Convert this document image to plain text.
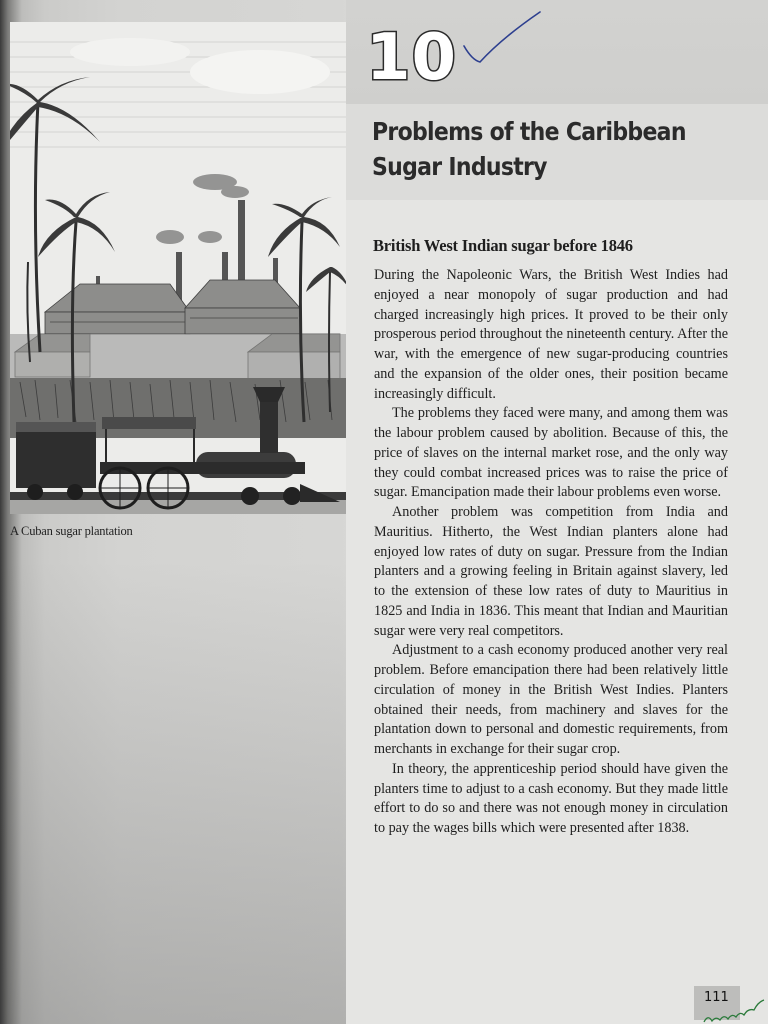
A Cuban sugar plantation
10
Problems of the Caribbean Sugar Industry
British West Indian sugar before 1846

During the Napoleonic Wars, the British West Indies had enjoyed a near monopoly of sugar production and had charged increasingly high prices. It proved to be their only prosperous period throughout the nineteenth century. After the war, with the emergence of new sugar-producing countries and the expansion of the older ones, their position became increasingly difficult.

The problems they faced were many, and among them was the labour problem caused by abolition. Because of this, the price of slaves on the internal market rose, and the only way they could combat increased prices was to raise the price of sugar. Emancipation made their labour problems even worse.

Another problem was competition from India and Mauritius. Hitherto, the West Indian planters alone had enjoyed low rates of duty on sugar. Pressure from the Indian planters and a growing feeling in Britain against slavery, led to the extension of these low rates of duty to Mauritius in 1825 and India in 1836. This meant that Indian and Mauritian sugar were very real competitors.

Adjustment to a cash economy produced another very real problem. Before emancipation there had been relatively little circulation of money in the British West Indies. Planters obtained their needs, from machinery and slaves for the plantation down to personal and domestic requirements, from merchants in exchange for their sugar crop.

In theory, the apprenticeship period should have given the planters time to adjust to a cash economy. But they made little effort to do so and there was not enough money in circulation to pay the wages bills which were presented after 1838.

111
